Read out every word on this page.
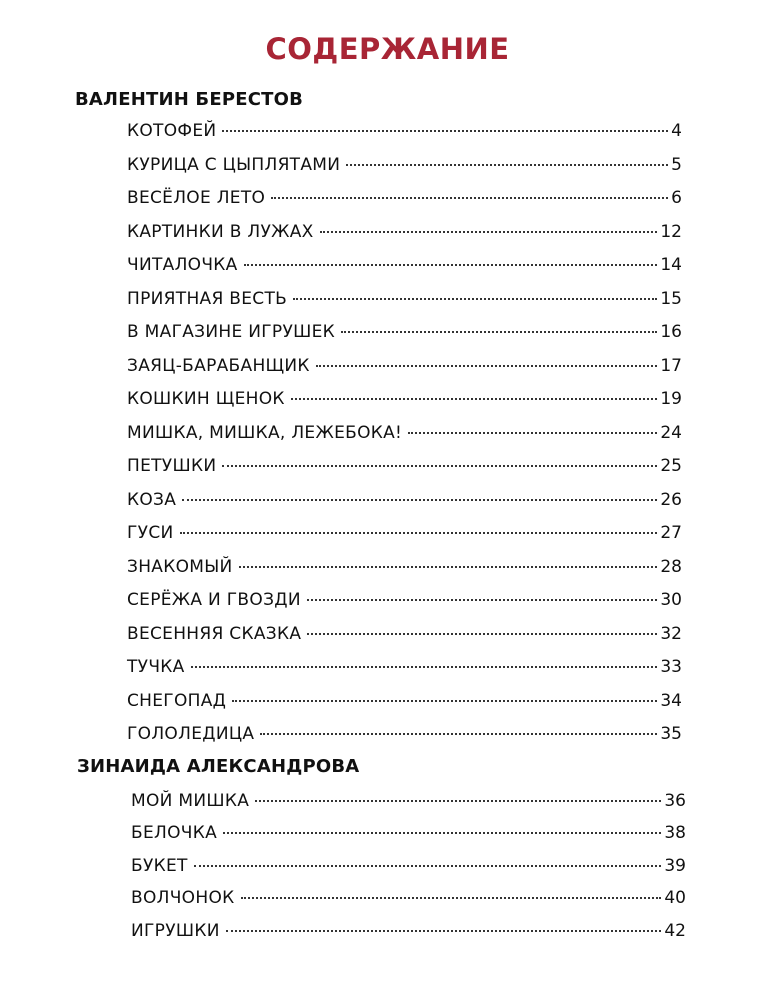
СОДЕРЖАНИЕ
ВАЛЕНТИН БЕРЕСТОВ
КОТОФЕЙ	4
КУРИЦА С ЦЫПЛЯТАМИ	5
ВЕСЁЛОЕ ЛЕТО	6
КАРТИНКИ В ЛУЖАХ	12
ЧИТАЛОЧКА	14
ПРИЯТНАЯ ВЕСТЬ	15
В МАГАЗИНЕ ИГРУШЕК	16
ЗАЯЦ-БАРАБАНЩИК	17
КОШКИН ЩЕНОК	19
МИШКА, МИШКА, ЛЕЖЕБОКА!	24
ПЕТУШКИ	25
КОЗА	26
ГУСИ	27
ЗНАКОМЫЙ	28
СЕРЁЖА И ГВОЗДИ	30
ВЕСЕННЯЯ СКАЗКА	32
ТУЧКА	33
СНЕГОПАД	34
ГОЛОЛЕДИЦА	35
ЗИНАИДА АЛЕКСАНДРОВА
МОЙ МИШКА	36
БЕЛОЧКА	38
БУКЕТ	39
ВОЛЧОНОК	40
ИГРУШКИ	42
